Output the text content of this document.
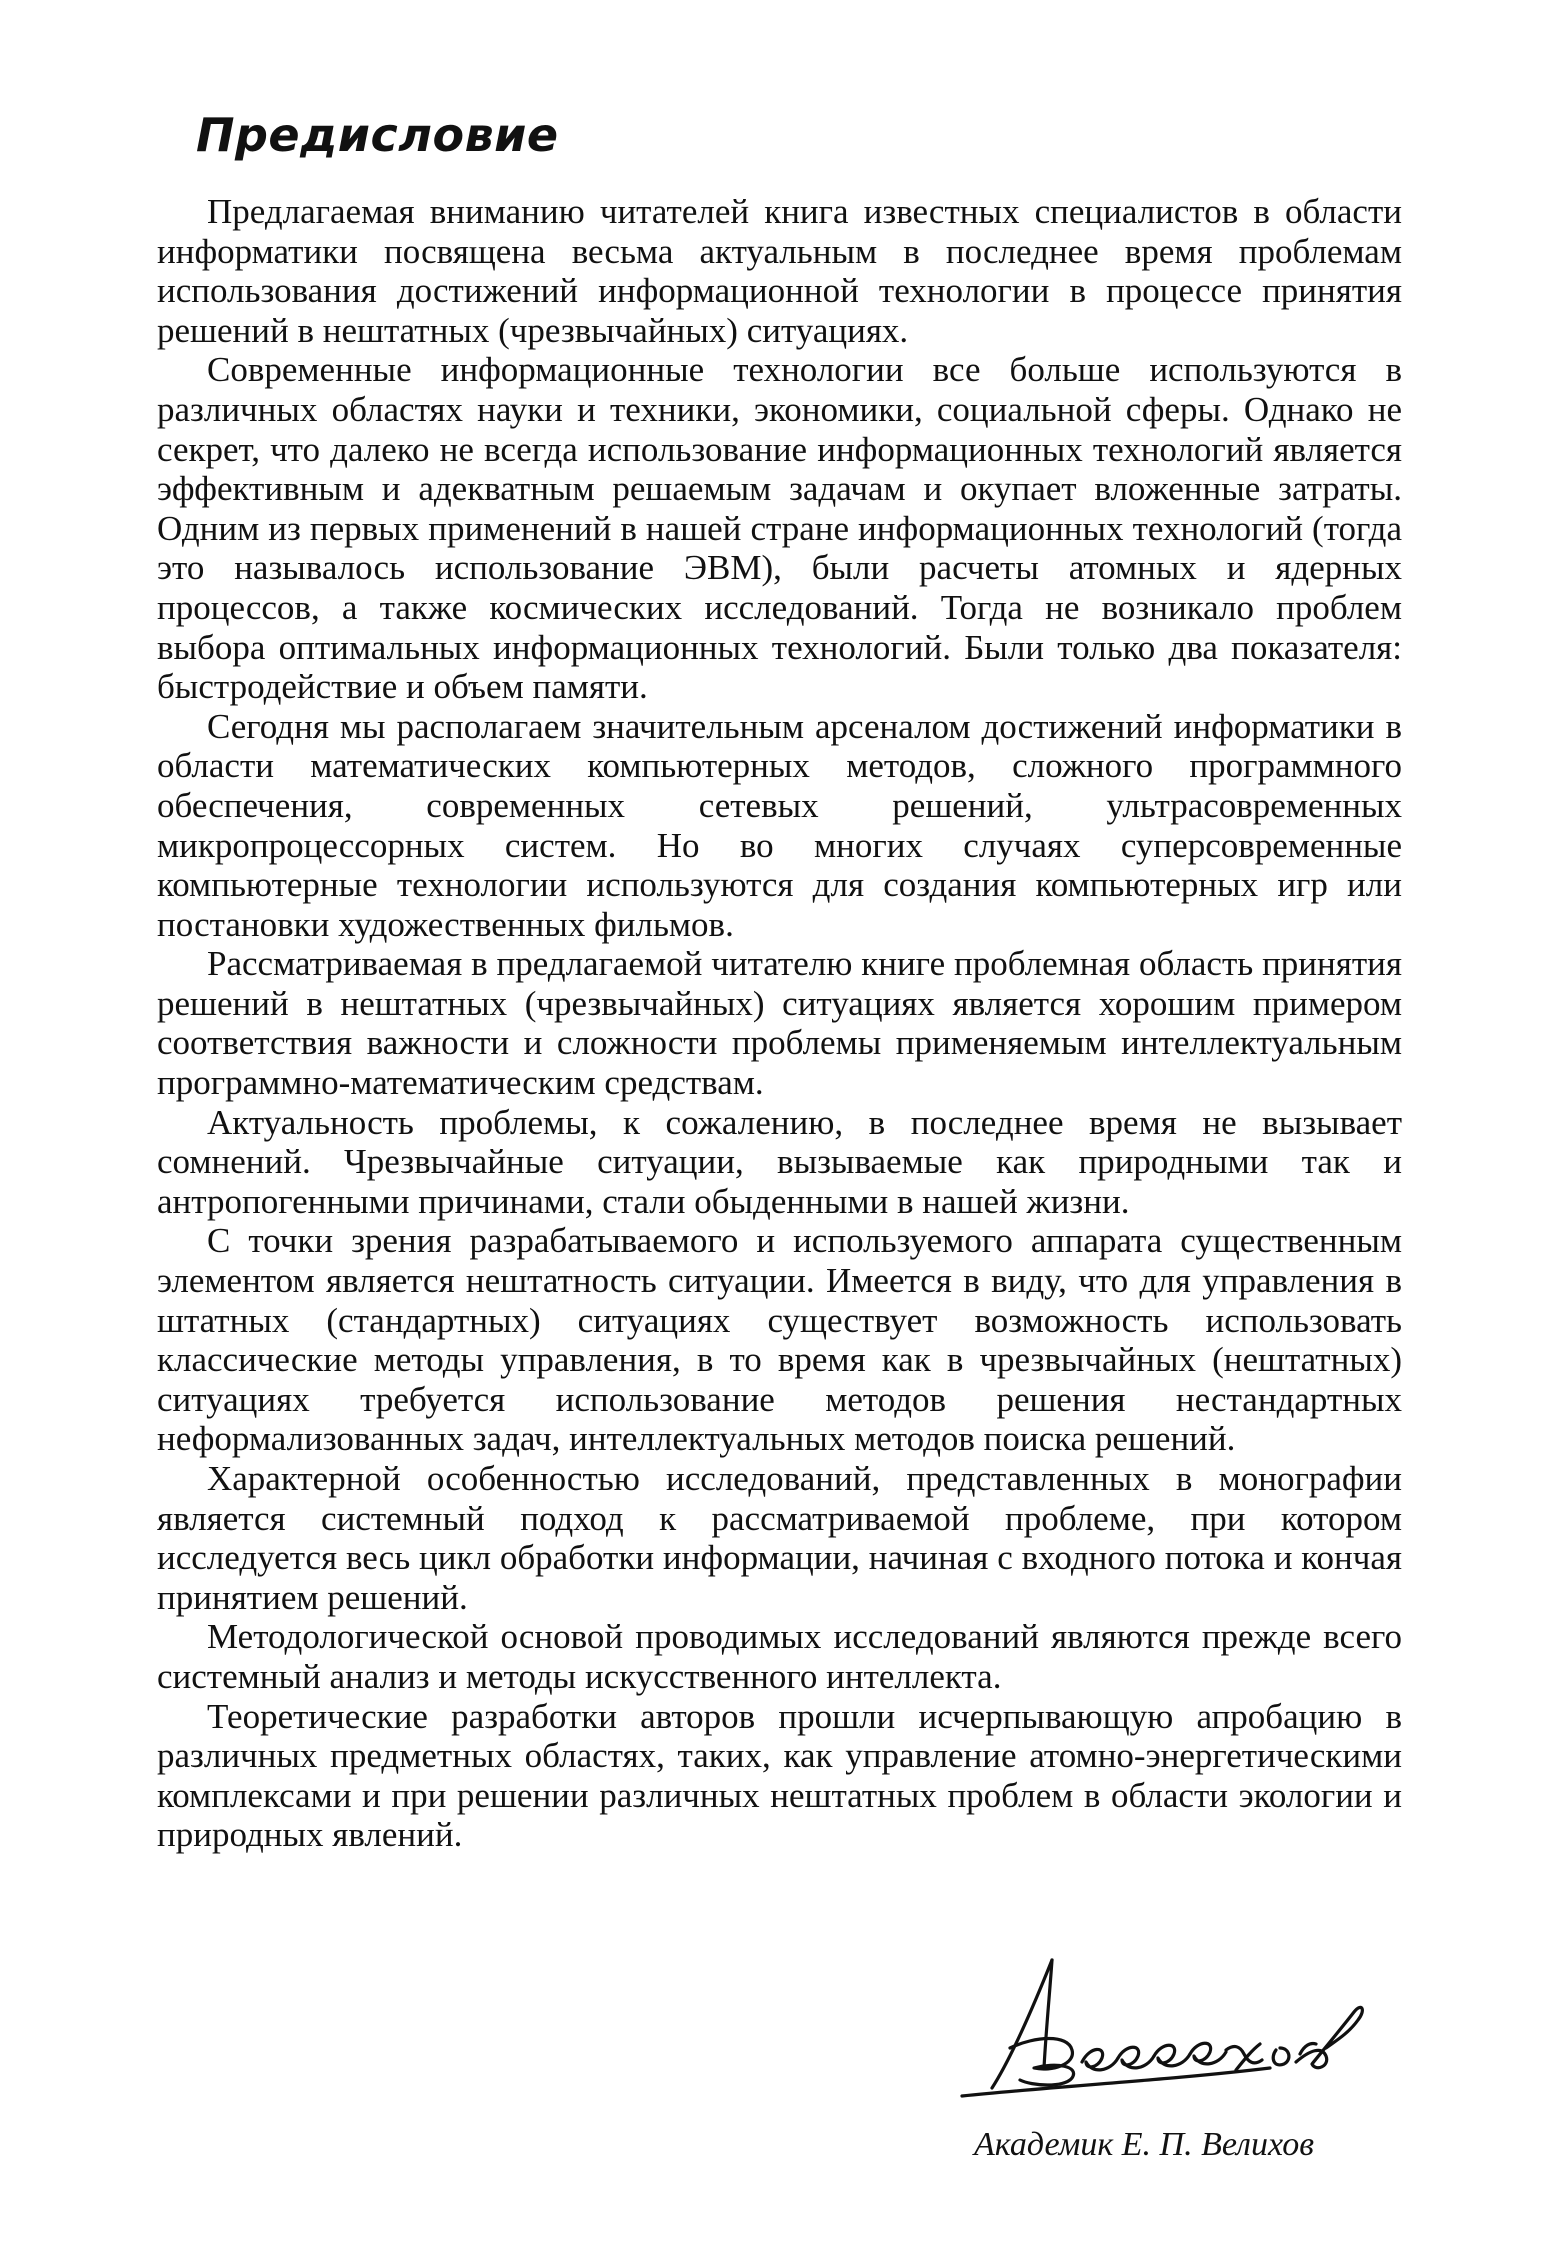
Предисловие

Предлагаемая вниманию читателей книга известных специалистов в области информатики посвящена весьма актуальным в последнее время проблемам использования достижений информационной технологии в процессе принятия решений в нештатных (чрезвычайных) ситуациях.

Современные информационные технологии все больше используются в различных областях науки и техники, экономики, социальной сферы. Однако не секрет, что далеко не всегда использование информационных технологий является эффективным и адекватным решаемым задачам и окупает вложенные затраты. Одним из первых применений в нашей стране информационных технологий (тогда это называлось использование ЭВМ), были расчеты атомных и ядерных процессов, а также космических исследований. Тогда не возникало проблем выбора оптимальных информационных технологий. Были только два показателя: быстродействие и объем памяти.

Сегодня мы располагаем значительным арсеналом достижений информатики в области математических компьютерных методов, сложного программного обеспечения, современных сетевых решений, ультрасовременных микропроцессорных систем. Но во многих случаях суперсовременные компьютерные технологии используются для создания компьютерных игр или постановки художественных фильмов.

Рассматриваемая в предлагаемой читателю книге проблемная область принятия решений в нештатных (чрезвычайных) ситуациях является хорошим примером соответствия важности и сложности проблемы применяемым интеллектуальным программно-математическим средствам.

Актуальность проблемы, к сожалению, в последнее время не вызывает сомнений. Чрезвычайные ситуации, вызываемые как природными так и антропогенными причинами, стали обыденными в нашей жизни.

С точки зрения разрабатываемого и используемого аппарата существенным элементом является нештатность ситуации. Имеется в виду, что для управления в штатных (стандартных) ситуациях существует возможность использовать классические методы управления, в то время как в чрезвычайных (нештатных) ситуациях требуется использование методов решения нестандартных неформализованных задач, интеллектуальных методов поиска решений.

Характерной особенностью исследований, представленных в монографии является системный подход к рассматриваемой проблеме, при котором исследуется весь цикл обработки информации, начиная с входного потока и кончая принятием решений.

Методологической основой проводимых исследований являются прежде всего системный анализ и методы искусственного интеллекта.

Теоретические разработки авторов прошли исчерпывающую апробацию в различных предметных областях, таких, как управление атомно-энергетическими комплексами и при решении различных нештатных проблем в области экологии и природных явлений.

Академик Е. П. Велихов
